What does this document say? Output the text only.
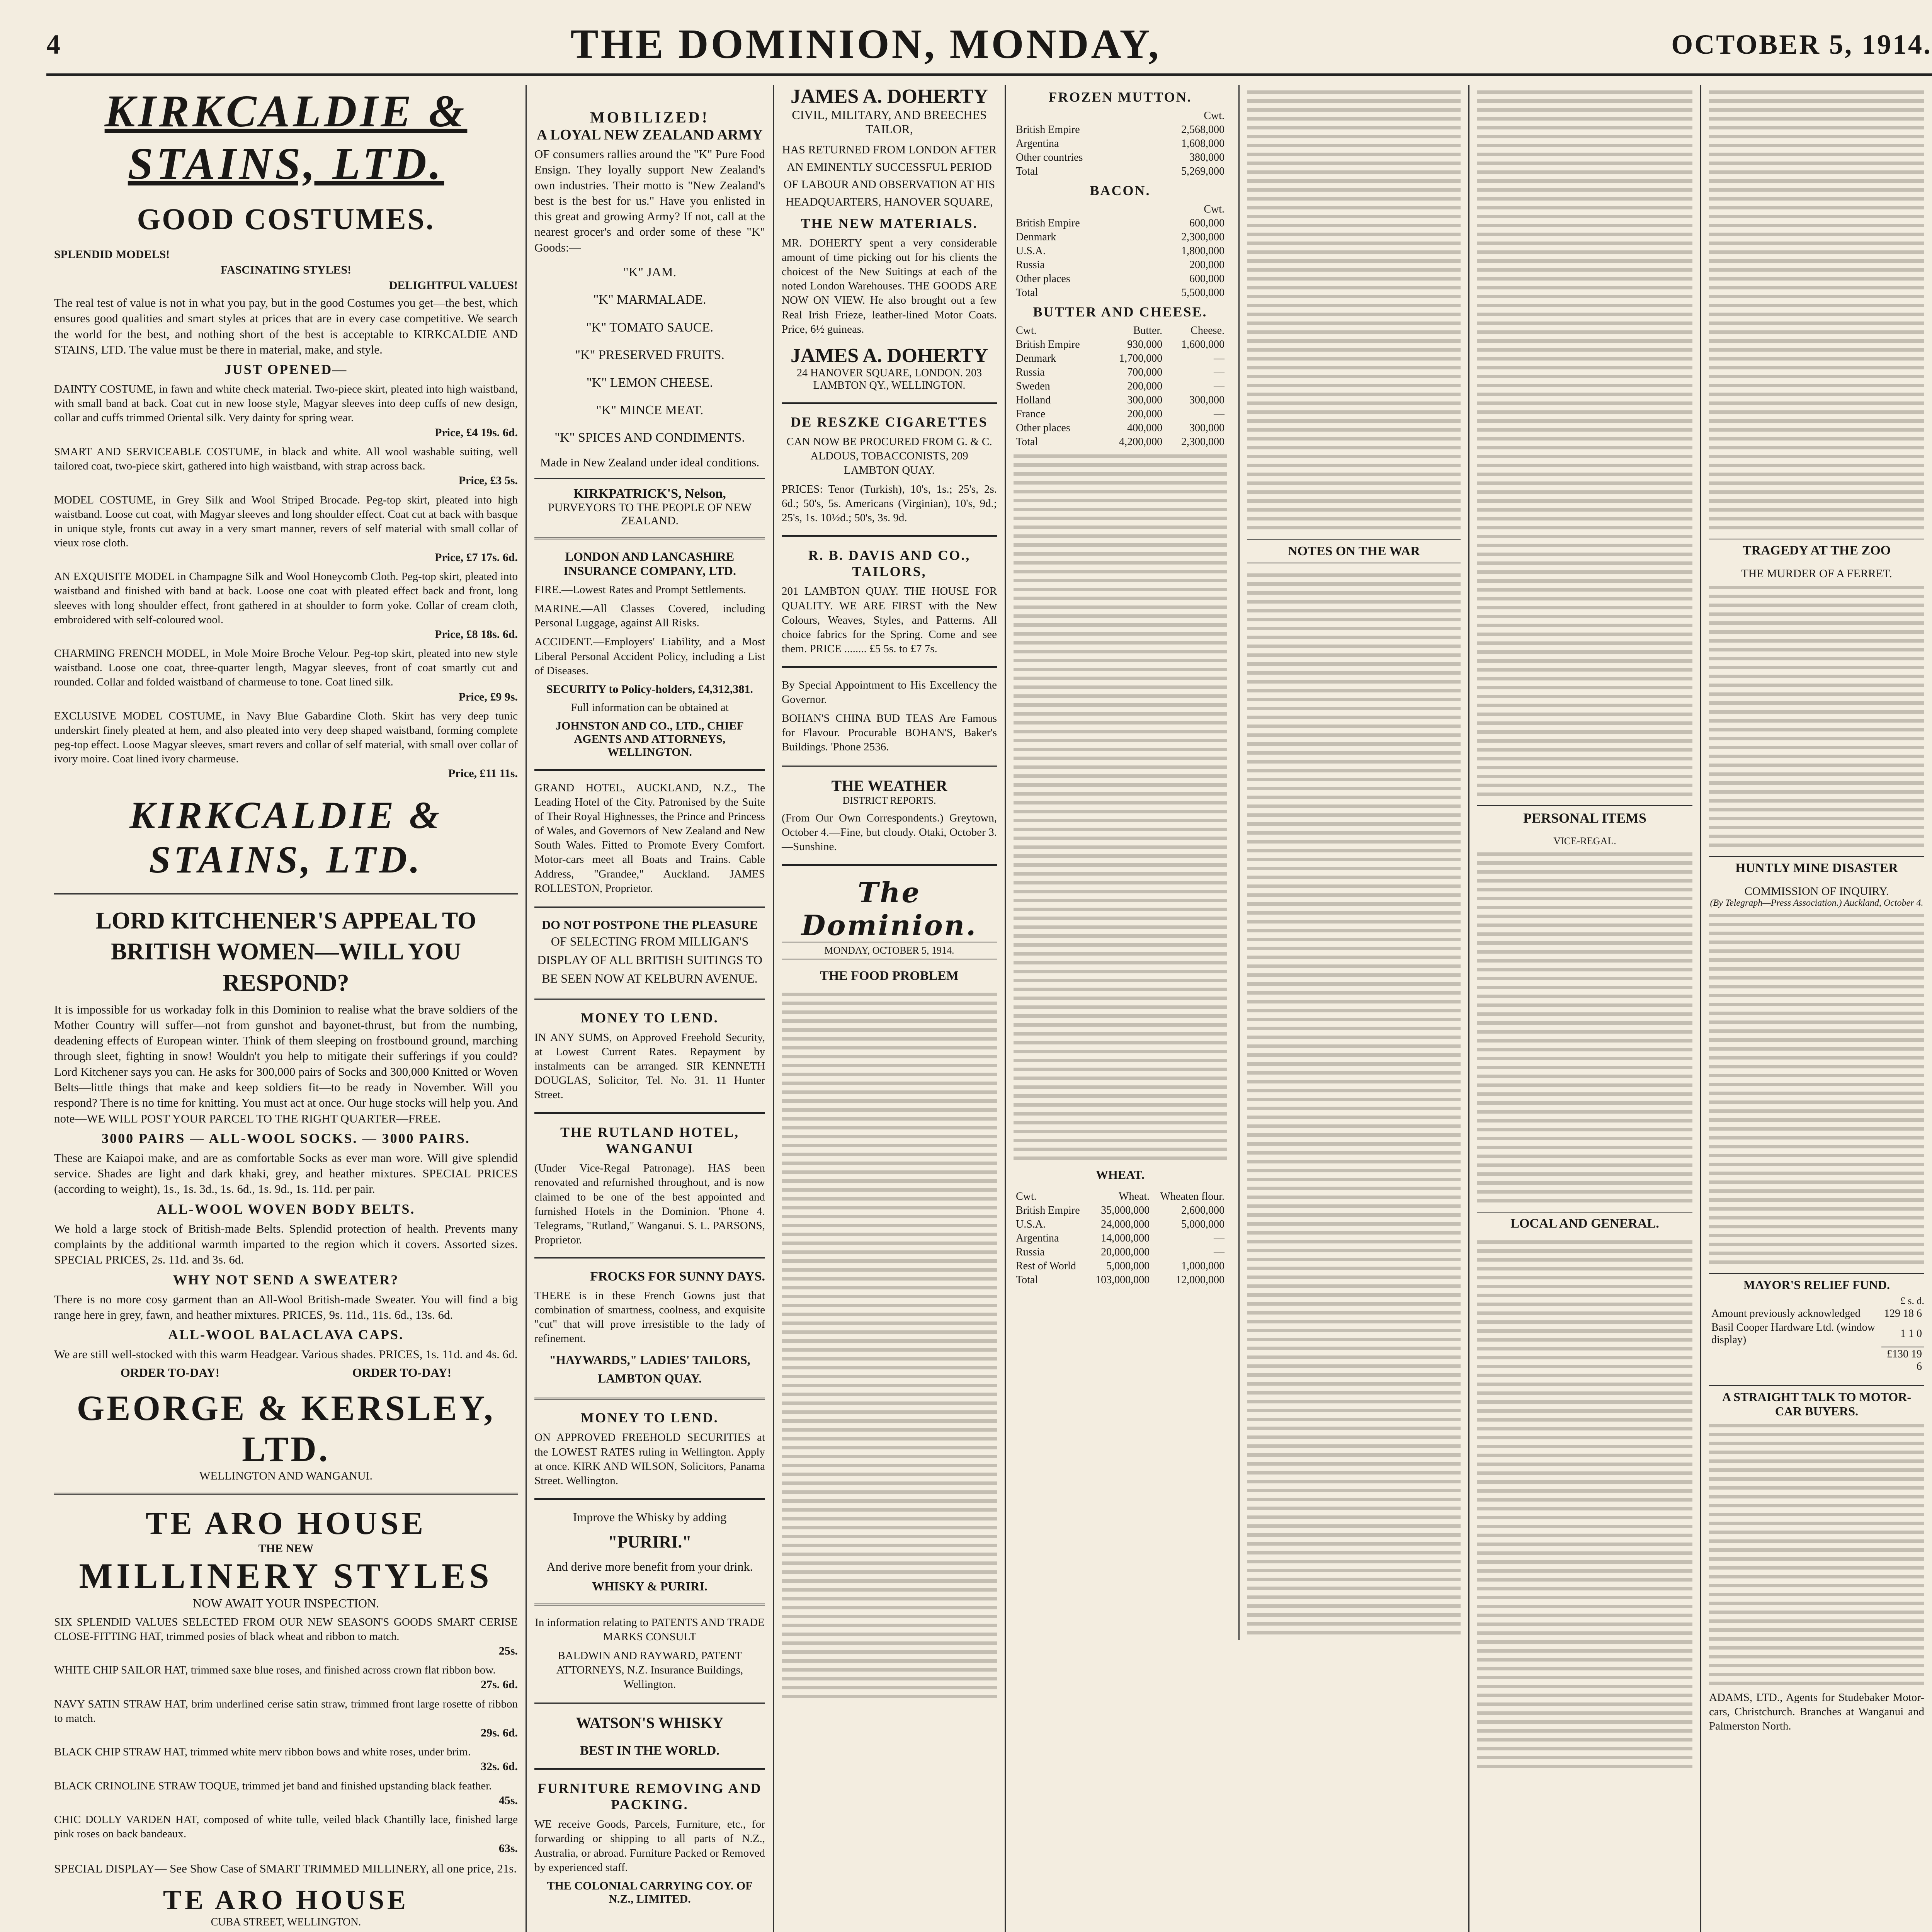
4	THE DOMINION, MONDAY,	OCTOBER 5, 1914.
KIRKCALDIE & STAINS, LTD.
GOOD COSTUMES.
SPLENDID MODELS!
FASCINATING STYLES!
DELIGHTFUL VALUES!

The real test of value is not in what you pay, but in the good Costumes you get—the best, which ensures good qualities and smart styles at prices that are in every case competitive. We search the world for the best, and nothing short of the best is acceptable to KIRKCALDIE AND STAINS, LTD. The value must be there in material, make, and style.

JUST OPENED—
DAINTY COSTUME, in fawn and white check material. Two-piece skirt, pleated into high waistband, with small band at back. Coat cut in new loose style, Magyar sleeves into deep cuffs of new design, collar and cuffs trimmed Oriental silk. Very dainty for spring wear.
Price, £4 19s. 6d.
SMART AND SERVICEABLE COSTUME, in black and white. All wool washable suiting, well tailored coat, two-piece skirt, gathered into high waistband, with strap across back.
Price, £3 5s.
MODEL COSTUME, in Grey Silk and Wool Striped Brocade. Peg-top skirt, pleated into high waistband. Loose cut coat, with Magyar sleeves and long shoulder effect. Coat cut at back with basque in unique style, fronts cut away in a very smart manner, revers of self material with small collar of vieux rose cloth.
Price, £7 17s. 6d.
AN EXQUISITE MODEL in Champagne Silk and Wool Honeycomb Cloth. Peg-top skirt, pleated into waistband and finished with band at back. Loose one coat with pleated effect back and front, long sleeves with long shoulder effect, front gathered in at shoulder to form yoke. Collar of cream cloth, embroidered with self-coloured wool.
Price, £8 18s. 6d.
CHARMING FRENCH MODEL, in Mole Moire Broche Velour. Peg-top skirt, pleated into new style waistband. Loose one coat, three-quarter length, Magyar sleeves, front of coat smartly cut and rounded. Collar and folded waistband of charmeuse to tone. Coat lined silk.
Price, £9 9s.
EXCLUSIVE MODEL COSTUME, in Navy Blue Gabardine Cloth. Skirt has very deep tunic underskirt finely pleated at hem, and also pleated into very deep shaped waistband, forming complete peg-top effect. Loose Magyar sleeves, smart revers and collar of self material, with small over collar of ivory moire. Coat lined ivory charmeuse.
Price, £11 11s.
KIRKCALDIE & STAINS, LTD.
LORD KITCHENER'S APPEAL TO BRITISH WOMEN—WILL YOU RESPOND?

It is impossible for us workaday folk in this Dominion to realise what the brave soldiers of the Mother Country will suffer—not from gunshot and bayonet-thrust, but from the numbing, deadening effects of European winter. Think of them sleeping on frostbound ground, marching through sleet, fighting in snow! Wouldn't you help to mitigate their sufferings if you could? Lord Kitchener says you can. He asks for 300,000 pairs of Socks and 300,000 Knitted or Woven Belts—little things that make and keep soldiers fit—to be ready in November. Will you respond? There is no time for knitting. You must act at once. Our huge stocks will help you. And note—WE WILL POST YOUR PARCEL TO THE RIGHT QUARTER—FREE.

3000 PAIRS — ALL-WOOL SOCKS. — 3000 PAIRS.

These are Kaiapoi make, and are as comfortable Socks as ever man wore. Will give splendid service. Shades are light and dark khaki, grey, and heather mixtures. SPECIAL PRICES (according to weight), 1s., 1s. 3d., 1s. 6d., 1s. 9d., 1s. 11d. per pair.

ALL-WOOL WOVEN BODY BELTS.

We hold a large stock of British-made Belts. Splendid protection of health. Prevents many complaints by the additional warmth imparted to the region which it covers. Assorted sizes. SPECIAL PRICES, 2s. 11d. and 3s. 6d.

WHY NOT SEND A SWEATER?

There is no more cosy garment than an All-Wool British-made Sweater. You will find a big range here in grey, fawn, and heather mixtures. PRICES, 9s. 11d., 11s. 6d., 13s. 6d.

ALL-WOOL BALACLAVA CAPS.

We are still well-stocked with this warm Headgear. Various shades. PRICES, 1s. 11d. and 4s. 6d.

ORDER TO-DAY!	ORDER TO-DAY!
GEORGE & KERSLEY, LTD.
WELLINGTON AND WANGANUI.
TE ARO HOUSE
THE NEW
MILLINERY STYLES
NOW AWAIT YOUR INSPECTION.
SIX SPLENDID VALUES SELECTED FROM OUR NEW SEASON'S GOODS SMART CERISE CLOSE-FITTING HAT, trimmed posies of black wheat and ribbon to match.
25s.
WHITE CHIP SAILOR HAT, trimmed saxe blue roses, and finished across crown flat ribbon bow.
27s. 6d.
NAVY SATIN STRAW HAT, brim underlined cerise satin straw, trimmed front large rosette of ribbon to match.
29s. 6d.
BLACK CHIP STRAW HAT, trimmed white merv ribbon bows and white roses, under brim.
32s. 6d.
BLACK CRINOLINE STRAW TOQUE, trimmed jet band and finished upstanding black feather.
45s.
CHIC DOLLY VARDEN HAT, composed of white tulle, veiled black Chantilly lace, finished large pink roses on back bandeaux.
63s.

SPECIAL DISPLAY— See Show Case of SMART TRIMMED MILLINERY, all one price, 21s.

TE ARO HOUSE
CUBA STREET, WELLINGTON.

MOBILIZED!
A LOYAL NEW ZEALAND ARMY

OF consumers rallies around the "K" Pure Food Ensign. They loyally support New Zealand's own industries. Their motto is "New Zealand's best is the best for us." Have you enlisted in this great and growing Army? If not, call at the nearest grocer's and order some of these "K" Goods:—

"K" JAM.
"K" MARMALADE.
"K" TOMATO SAUCE.
"K" PRESERVED FRUITS.
"K" LEMON CHEESE.
"K" MINCE MEAT.
"K" SPICES AND CONDIMENTS.

Made in New Zealand under ideal conditions.

KIRKPATRICK'S, Nelson,
PURVEYORS TO THE PEOPLE OF NEW ZEALAND.
LONDON AND LANCASHIRE INSURANCE COMPANY, LTD.

FIRE.—Lowest Rates and Prompt Settlements.

MARINE.—All Classes Covered, including Personal Luggage, against All Risks.

ACCIDENT.—Employers' Liability, and a Most Liberal Personal Accident Policy, including a List of Diseases.

SECURITY to Policy-holders, £4,312,381.

Full information can be obtained at

JOHNSTON AND CO., LTD., CHIEF AGENTS AND ATTORNEYS, WELLINGTON.

GRAND HOTEL, AUCKLAND, N.Z., The Leading Hotel of the City. Patronised by the Suite of Their Royal Highnesses, the Prince and Princess of Wales, and Governors of New Zealand and New South Wales. Fitted to Promote Every Comfort. Motor-cars meet all Boats and Trains. Cable Address, "Grandee," Auckland. JAMES ROLLESTON, Proprietor.

DO NOT POSTPONE THE PLEASURE
OF SELECTING FROM MILLIGAN'S DISPLAY OF ALL BRITISH SUITINGS TO BE SEEN NOW AT KELBURN AVENUE.
MONEY TO LEND.

IN ANY SUMS, on Approved Freehold Security, at Lowest Current Rates. Repayment by instalments can be arranged. SIR KENNETH DOUGLAS, Solicitor, Tel. No. 31. 11 Hunter Street.

THE RUTLAND HOTEL, WANGANUI

(Under Vice-Regal Patronage). HAS been renovated and refurnished throughout, and is now claimed to be one of the best appointed and furnished Hotels in the Dominion. 'Phone 4. Telegrams, "Rutland," Wanganui. S. L. PARSONS, Proprietor.

FROCKS FOR SUNNY DAYS.

THERE is in these French Gowns just that combination of smartness, coolness, and exquisite "cut" that will prove irresistible to the lady of refinement.

"HAYWARDS," LADIES' TAILORS, LAMBTON QUAY.
MONEY TO LEND.

ON APPROVED FREEHOLD SECURITIES at the LOWEST RATES ruling in Wellington. Apply at once. KIRK AND WILSON, Solicitors, Panama Street. Wellington.

Improve the Whisky by adding
"PURIRI."
And derive more benefit from your drink.
WHISKY & PURIRI.

In information relating to PATENTS AND TRADE MARKS CONSULT

BALDWIN AND RAYWARD, PATENT ATTORNEYS, N.Z. Insurance Buildings, Wellington.

WATSON'S WHISKY
BEST IN THE WORLD.
FURNITURE REMOVING AND PACKING.

WE receive Goods, Parcels, Furniture, etc., for forwarding or shipping to all parts of N.Z., Australia, or abroad. Furniture Packed or Removed by experienced staff.

THE COLONIAL CARRYING COY. OF N.Z., LIMITED.
JAMES A. DOHERTY
CIVIL, MILITARY, AND BREECHES TAILOR,
HAS RETURNED FROM LONDON AFTER AN EMINENTLY SUCCESSFUL PERIOD OF LABOUR AND OBSERVATION AT HIS HEADQUARTERS, HANOVER SQUARE,
THE NEW MATERIALS.

MR. DOHERTY spent a very considerable amount of time picking out for his clients the choicest of the New Suitings at each of the noted London Warehouses. THE GOODS ARE NOW ON VIEW. He also brought out a few Real Irish Frieze, leather-lined Motor Coats. Price, 6½ guineas.

JAMES A. DOHERTY
24 HANOVER SQUARE, LONDON. 203 LAMBTON QY., WELLINGTON.
DE RESZKE CIGARETTES

CAN NOW BE PROCURED FROM G. & C. ALDOUS, TOBACCONISTS, 209 LAMBTON QUAY.

PRICES: Tenor (Turkish), 10's, 1s.; 25's, 2s. 6d.; 50's, 5s. Americans (Virginian), 10's, 9d.; 25's, 1s. 10½d.; 50's, 3s. 9d.

R. B. DAVIS AND CO., TAILORS,

201 LAMBTON QUAY. THE HOUSE FOR QUALITY. WE ARE FIRST with the New Colours, Weaves, Styles, and Patterns. All choice fabrics for the Spring. Come and see them. PRICE ........ £5 5s. to £7 7s.

By Special Appointment to His Excellency the Governor.

BOHAN'S CHINA BUD TEAS Are Famous for Flavour. Procurable BOHAN'S, Baker's Buildings. 'Phone 2536.

THE WEATHER
DISTRICT REPORTS.

(From Our Own Correspondents.) Greytown, October 4.—Fine, but cloudy. Otaki, October 3.—Sunshine.

The Dominion.
MONDAY, OCTOBER 5, 1914.
THE FOOD PROBLEM
FROZEN MUTTON.
	Cwt.
British Empire	2,568,000
Argentina	1,608,000
Other countries	380,000
Total	5,269,000
BACON.
	Cwt.
British Empire	600,000
Denmark	2,300,000
U.S.A.	1,800,000
Russia	200,000
Other places	600,000
Total	5,500,000
BUTTER AND CHEESE.
Cwt.	Butter.	Cheese.
British Empire	930,000	1,600,000
Denmark	1,700,000	—
Russia	700,000	—
Sweden	200,000	—
Holland	300,000	300,000
France	200,000	—
Other places	400,000	300,000
Total	4,200,000	2,300,000
WHEAT.
Cwt.	Wheat.	Wheaten flour.
British Empire	35,000,000	2,600,000
U.S.A.	24,000,000	5,000,000
Argentina	14,000,000	—
Russia	20,000,000	—
Rest of World	5,000,000	1,000,000
Total	103,000,000	12,000,000
NOTES ON THE WAR
PERSONAL ITEMS
VICE-REGAL.
LOCAL AND GENERAL.
TRAGEDY AT THE ZOO
THE MURDER OF A FERRET.
HUNTLY MINE DISASTER
COMMISSION OF INQUIRY.
(By Telegraph—Press Association.) Auckland, October 4.
MAYOR'S RELIEF FUND.
£ s. d.
Amount previously acknowledged	129 18 6
Basil Cooper Hardware Ltd. (window display)	1 1 0
	£130 19 6
A STRAIGHT TALK TO MOTOR-CAR BUYERS.

ADAMS, LTD., Agents for Studebaker Motor-cars, Christchurch. Branches at Wanganui and Palmerston North.
